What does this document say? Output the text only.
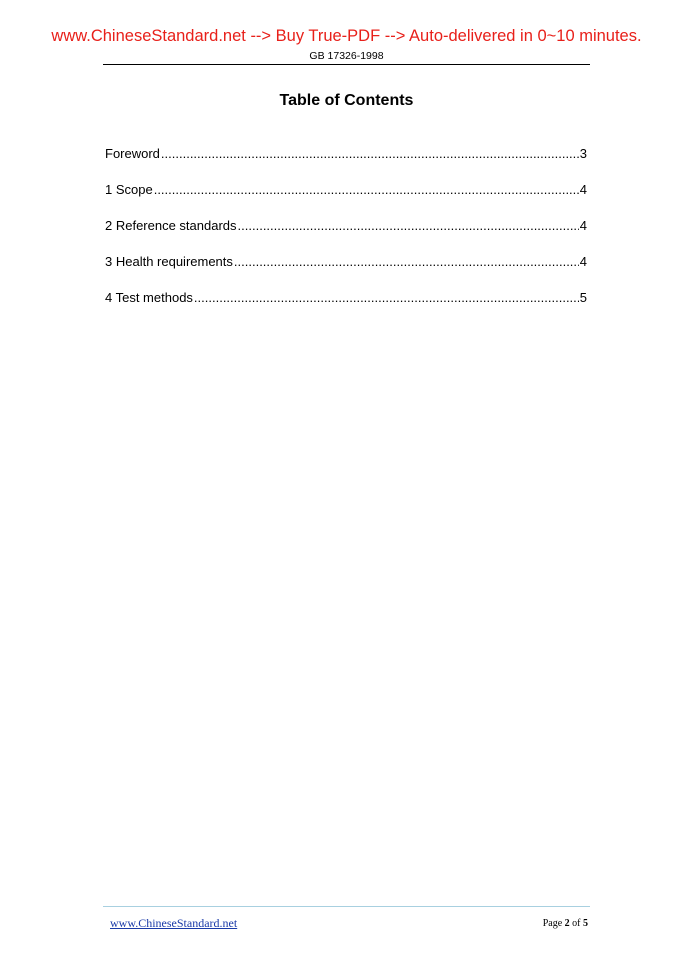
www.ChineseStandard.net --> Buy True-PDF --> Auto-delivered in 0~10 minutes.
GB 17326-1998
Table of Contents
Foreword .....	3
1 Scope .....	4
2 Reference standards .....	4
3 Health requirements .....	4
4 Test methods .....	5
www.ChineseStandard.net	Page 2 of 5
